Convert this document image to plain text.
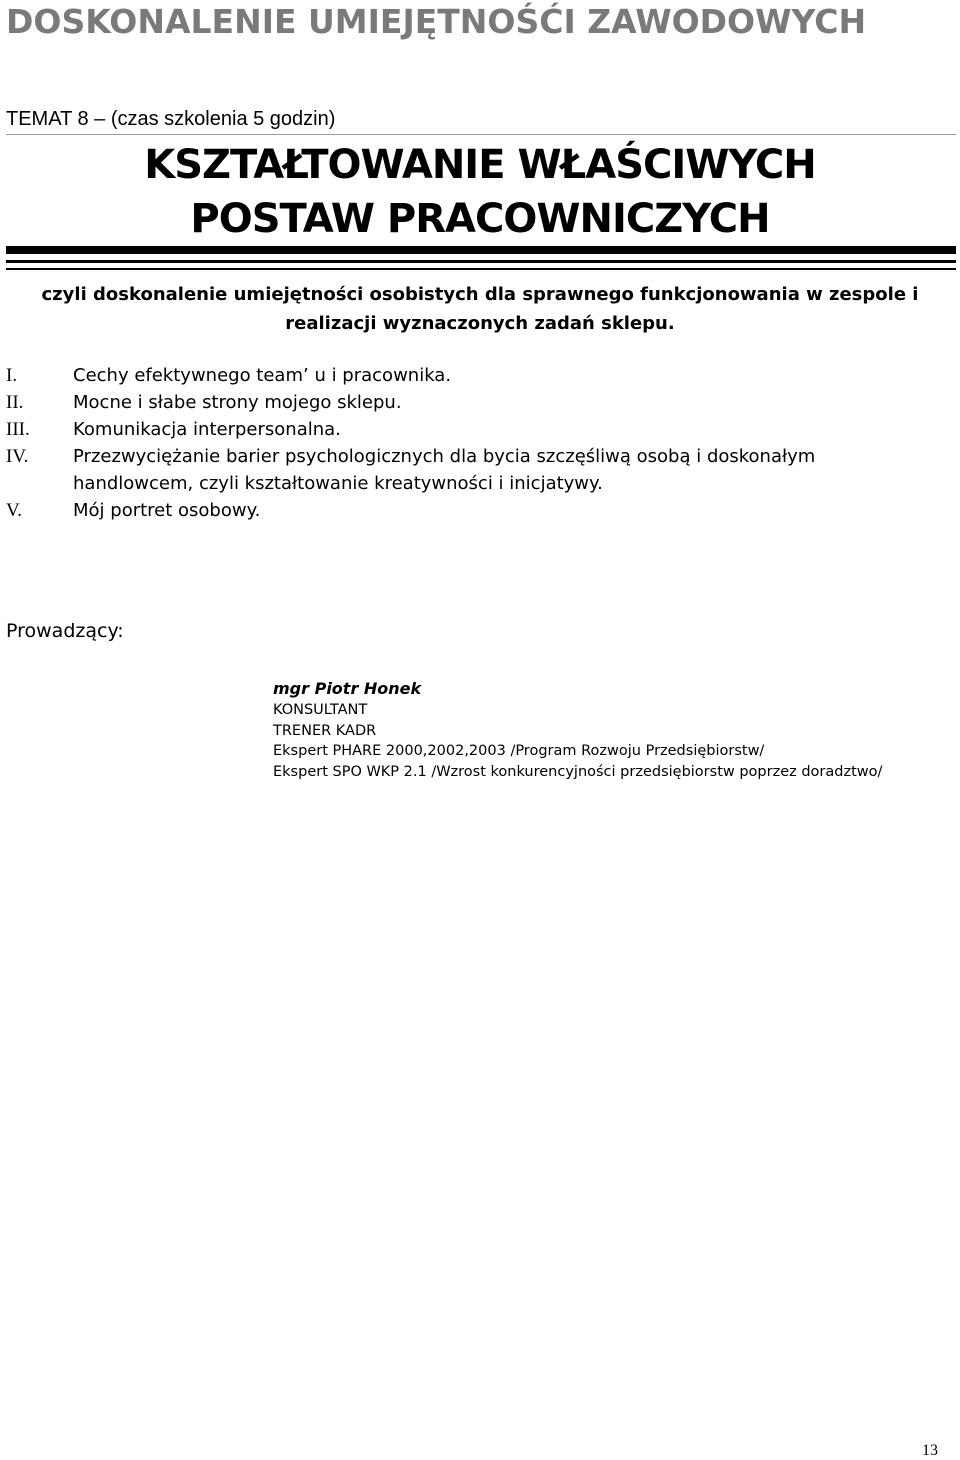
DOSKONALENIE UMIEJĘTNOŚĆI ZAWODOWYCH
TEMAT 8 – (czas szkolenia 5 godzin)
KSZTAŁTOWANIE WŁAŚCIWYCH
POSTAW PRACOWNICZYCH
czyli doskonalenie umiejętności osobistych dla sprawnego funkcjonowania w zespole i realizacji wyznaczonych zadań sklepu.
I.	Cechy efektywnego team’ u i pracownika.
II.	Mocne i słabe strony mojego sklepu.
III.	Komunikacja interpersonalna.
IV.	Przezwyciężanie barier psychologicznych dla bycia szczęśliwą osobą i doskonałym handlowcem, czyli kształtowanie kreatywności i inicjatywy.
V.	Mój portret osobowy.
Prowadzący:
mgr Piotr Honek
KONSULTANT
TRENER KADR
Ekspert PHARE 2000,2002,2003 /Program Rozwoju Przedsiębiorstw/
Ekspert SPO WKP 2.1 /Wzrost konkurencyjności przedsiębiorstw poprzez doradztwo/
13
